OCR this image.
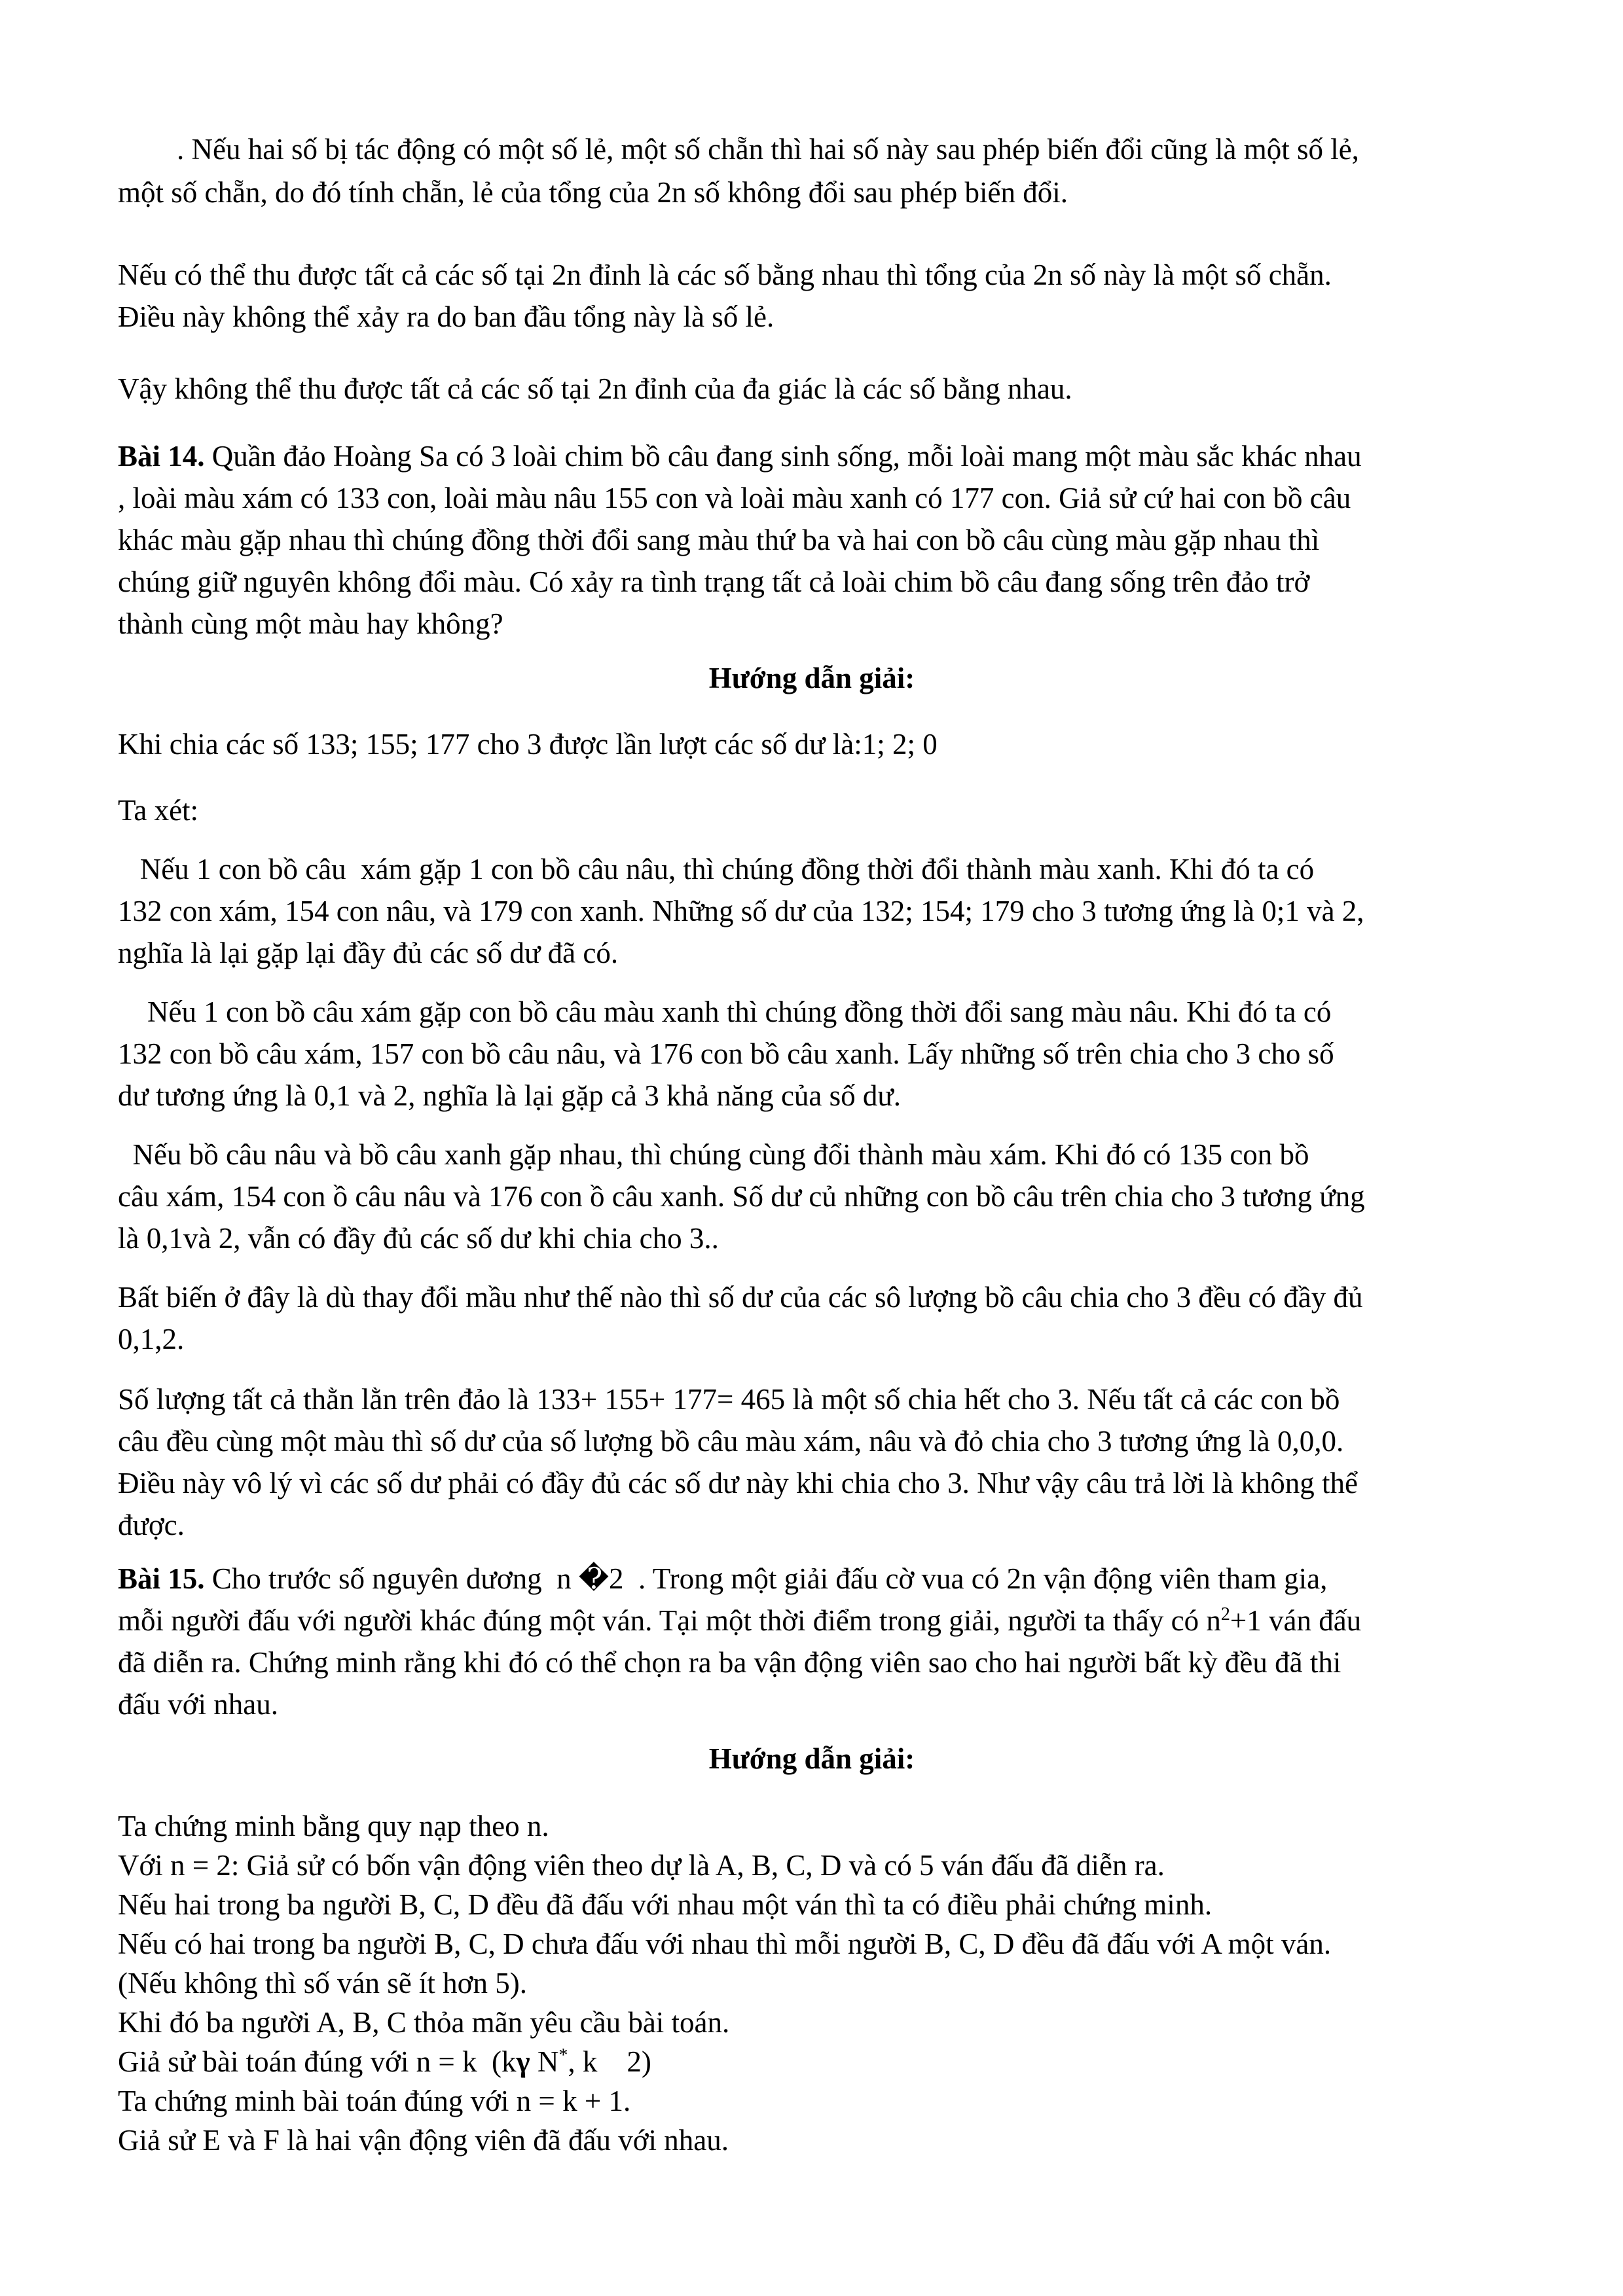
. Nếu hai số bị tác động có một số lẻ, một số chẵn thì hai số này sau phép biến đổi cũng là một số lẻ,
một số chẵn, do đó tính chẵn, lẻ của tổng của 2n số không đổi sau phép biến đổi.

Nếu có thể thu được tất cả các số tại 2n đỉnh là các số bằng nhau thì tổng của 2n số này là một số chẵn.
Điều này không thể xảy ra do ban đầu tổng này là số lẻ.

Vậy không thể thu được tất cả các số tại 2n đỉnh của đa giác là các số bằng nhau.

Bài 14. Quần đảo Hoàng Sa có 3 loài chim bồ câu đang sinh sống, mỗi loài mang một màu sắc khác nhau
, loài màu xám có 133 con, loài màu nâu 155 con và loài màu xanh có 177 con. Giả sử cứ hai con bồ câu
khác màu gặp nhau thì chúng đồng thời đổi sang màu thứ ba và hai con bồ câu cùng màu gặp nhau thì
chúng giữ nguyên không đổi màu. Có xảy ra tình trạng tất cả loài chim bồ câu đang sống trên đảo trở
thành cùng một màu hay không?

Hướng dẫn giải:

Khi chia các số 133; 155; 177 cho 3 được lần lượt các số dư là:1; 2; 0

Ta xét:

Nếu 1 con bồ câu  xám gặp 1 con bồ câu nâu, thì chúng đồng thời đổi thành màu xanh. Khi đó ta có
132 con xám, 154 con nâu, và 179 con xanh. Những số dư của 132; 154; 179 cho 3 tương ứng là 0;1 và 2,
nghĩa là lại gặp lại đầy đủ các số dư đã có.

Nếu 1 con bồ câu xám gặp con bồ câu màu xanh thì chúng đồng thời đổi sang màu nâu. Khi đó ta có
132 con bồ câu xám, 157 con bồ câu nâu, và 176 con bồ câu xanh. Lấy những số trên chia cho 3 cho số
dư tương ứng là 0,1 và 2, nghĩa là lại gặp cả 3 khả năng của số dư.

Nếu bồ câu nâu và bồ câu xanh gặp nhau, thì chúng cùng đổi thành màu xám. Khi đó có 135 con bồ
câu xám, 154 con ồ câu nâu và 176 con ồ câu xanh. Số dư củ những con bồ câu trên chia cho 3 tương ứng
là 0,1và 2, vẫn có đầy đủ các số dư khi chia cho 3..

Bất biến ở đây là dù thay đổi mầu như thế nào thì số dư của các sô lượng bồ câu chia cho 3 đều có đầy đủ
0,1,2.

Số lượng tất cả thằn lằn trên đảo là 133+ 155+ 177= 465 là một số chia hết cho 3. Nếu tất cả các con bồ
câu đều cùng một màu thì số dư của số lượng bồ câu màu xám, nâu và đỏ chia cho 3 tương ứng là 0,0,0.
Điều này vô lý vì các số dư phải có đầy đủ các số dư này khi chia cho 3. Như vậy câu trả lời là không thể
được.

Bài 15. Cho trước số nguyên dương  n �2  . Trong một giải đấu cờ vua có 2n vận động viên tham gia,
mỗi người đấu với người khác đúng một ván. Tại một thời điểm trong giải, người ta thấy có $n^2+1$ ván đấu
đã diễn ra. Chứng minh rằng khi đó có thể chọn ra ba vận động viên sao cho hai người bất kỳ đều đã thi
đấu với nhau.

Hướng dẫn giải:

Ta chứng minh bằng quy nạp theo n.
Với n = 2: Giả sử có bốn vận động viên theo dự là A, B, C, D và có 5 ván đấu đã diễn ra.
Nếu hai trong ba người B, C, D đều đã đấu với nhau một ván thì ta có điều phải chứng minh.
Nếu có hai trong ba người B, C, D chưa đấu với nhau thì mỗi người B, C, D đều đã đấu với A một ván.
(Nếu không thì số ván sẽ ít hơn 5).
Khi đó ba người A, B, C thỏa mãn yêu cầu bài toán.
Giả sử bài toán đúng với n = k  (kγ N*, k    2)
Ta chứng minh bài toán đúng với n = k + 1.
Giả sử E và F là hai vận động viên đã đấu với nhau.
